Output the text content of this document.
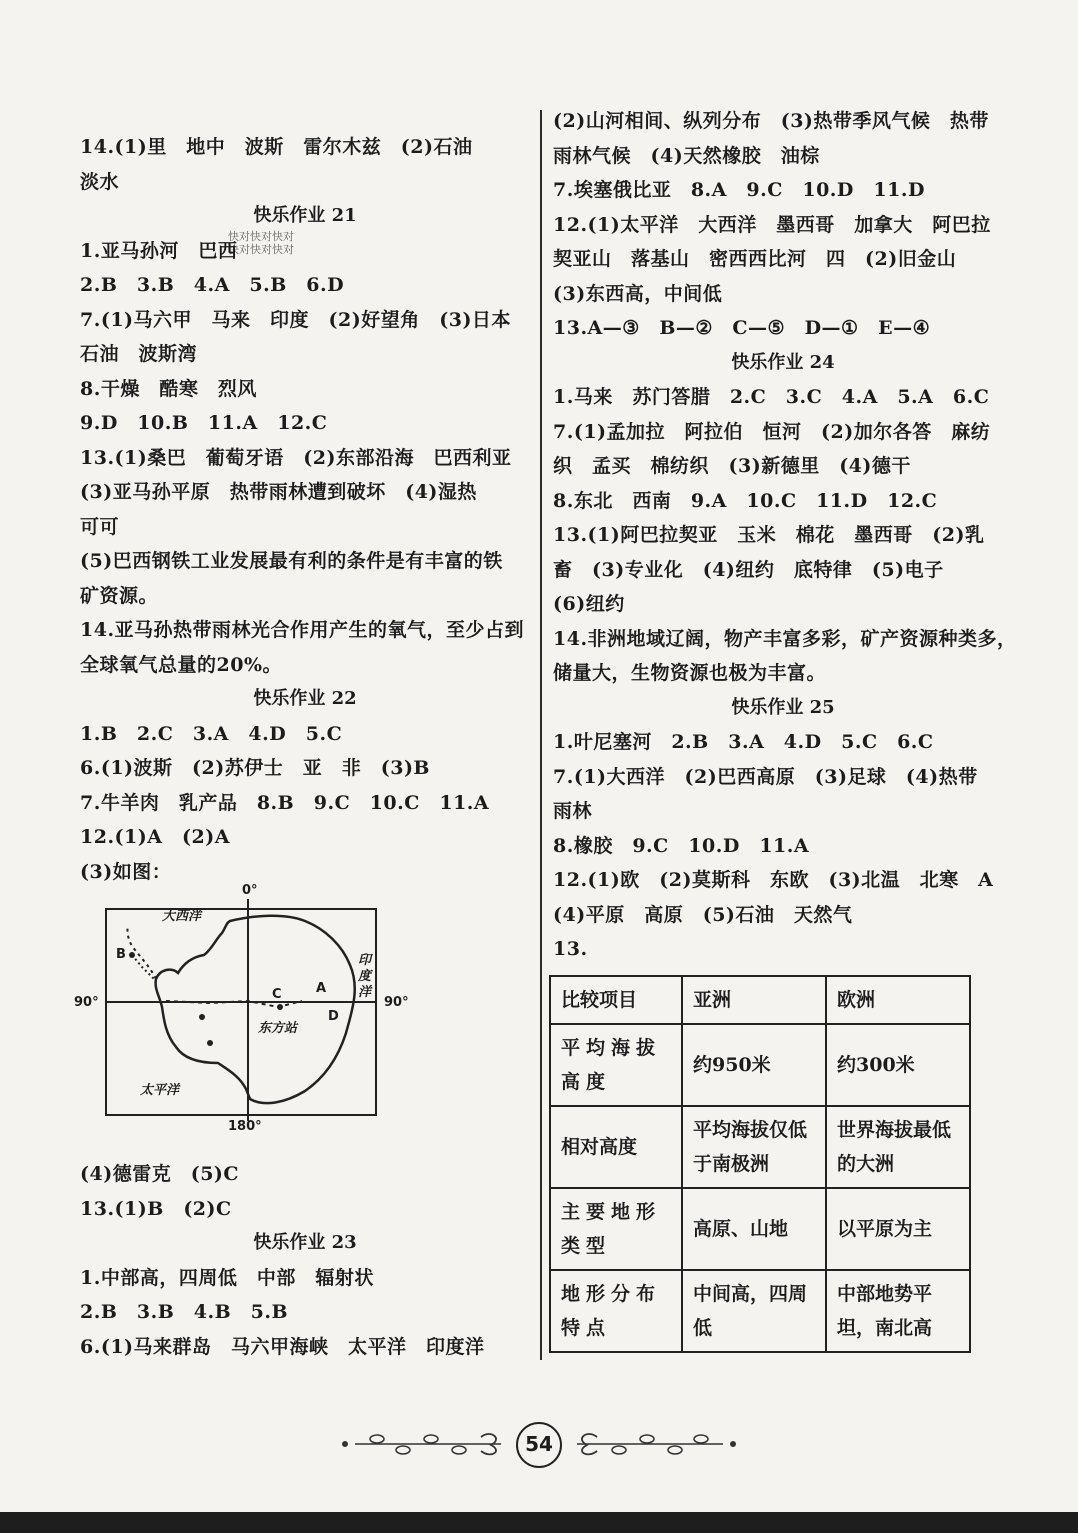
快对快对快对
快对快对快对
14.(1)里　地中　波斯　雷尔木兹　(2)石油
淡水
快乐作业 21
1.亚马孙河　巴西
2.B　3.B　4.A　5.B　6.D
7.(1)马六甲　马来　印度　(2)好望角　(3)日本
石油　波斯湾
8.干燥　酷寒　烈风
9.D　10.B　11.A　12.C
13.(1)桑巴　葡萄牙语　(2)东部沿海　巴西利亚
(3)亚马孙平原　热带雨林遭到破坏　(4)湿热
可可
(5)巴西钢铁工业发展最有利的条件是有丰富的铁
矿资源。
14.亚马孙热带雨林光合作用产生的氧气，至少占到
全球氧气总量的20%。
快乐作业 22
1.B　2.C　3.A　4.D　5.C
6.(1)波斯　(2)苏伊士　亚　非　(3)B
7.牛羊肉　乳产品　8.B　9.C　10.C　11.A
12.(1)A　(2)A
(3)如图：
0°
180°
90°	90°
大西洋
印
度
洋
太平洋
东方站
A
B
C
D
(4)德雷克　(5)C
13.(1)B　(2)C
快乐作业 23
1.中部高，四周低　中部　辐射状
2.B　3.B　4.B　5.B
6.(1)马来群岛　马六甲海峡　太平洋　印度洋
(2)山河相间、纵列分布　(3)热带季风气候　热带
雨林气候　(4)天然橡胶　油棕
7.埃塞俄比亚　8.A　9.C　10.D　11.D
12.(1)太平洋　大西洋　墨西哥　加拿大　阿巴拉
契亚山　落基山　密西西比河　四　(2)旧金山
(3)东西高，中间低
13.A—③　B—②　C—⑤　D—①　E—④
快乐作业 24
1.马来　苏门答腊　2.C　3.C　4.A　5.A　6.C
7.(1)孟加拉　阿拉伯　恒河　(2)加尔各答　麻纺
织　孟买　棉纺织　(3)新德里　(4)德干
8.东北　西南　9.A　10.C　11.D　12.C
13.(1)阿巴拉契亚　玉米　棉花　墨西哥　(2)乳
畜　(3)专业化　(4)纽约　底特律　(5)电子
(6)纽约
14.非洲地域辽阔，物产丰富多彩，矿产资源种类多，
储量大，生物资源也极为丰富。
快乐作业 25
1.叶尼塞河　2.B　3.A　4.D　5.C　6.C
7.(1)大西洋　(2)巴西高原　(3)足球　(4)热带
雨林
8.橡胶　9.C　10.D　11.A
12.(1)欧　(2)莫斯科　东欧　(3)北温　北寒　A
(4)平原　高原　(5)石油　天然气
13.
比较项目	亚洲	欧洲
平均海拔高度	约950米	约300米
相对高度	平均海拔仅低于南极洲	世界海拔最低的大洲
主要地形类型	高原、山地	以平原为主
地形分布特点	中间高，四周低	中部地势平坦，南北高
54
